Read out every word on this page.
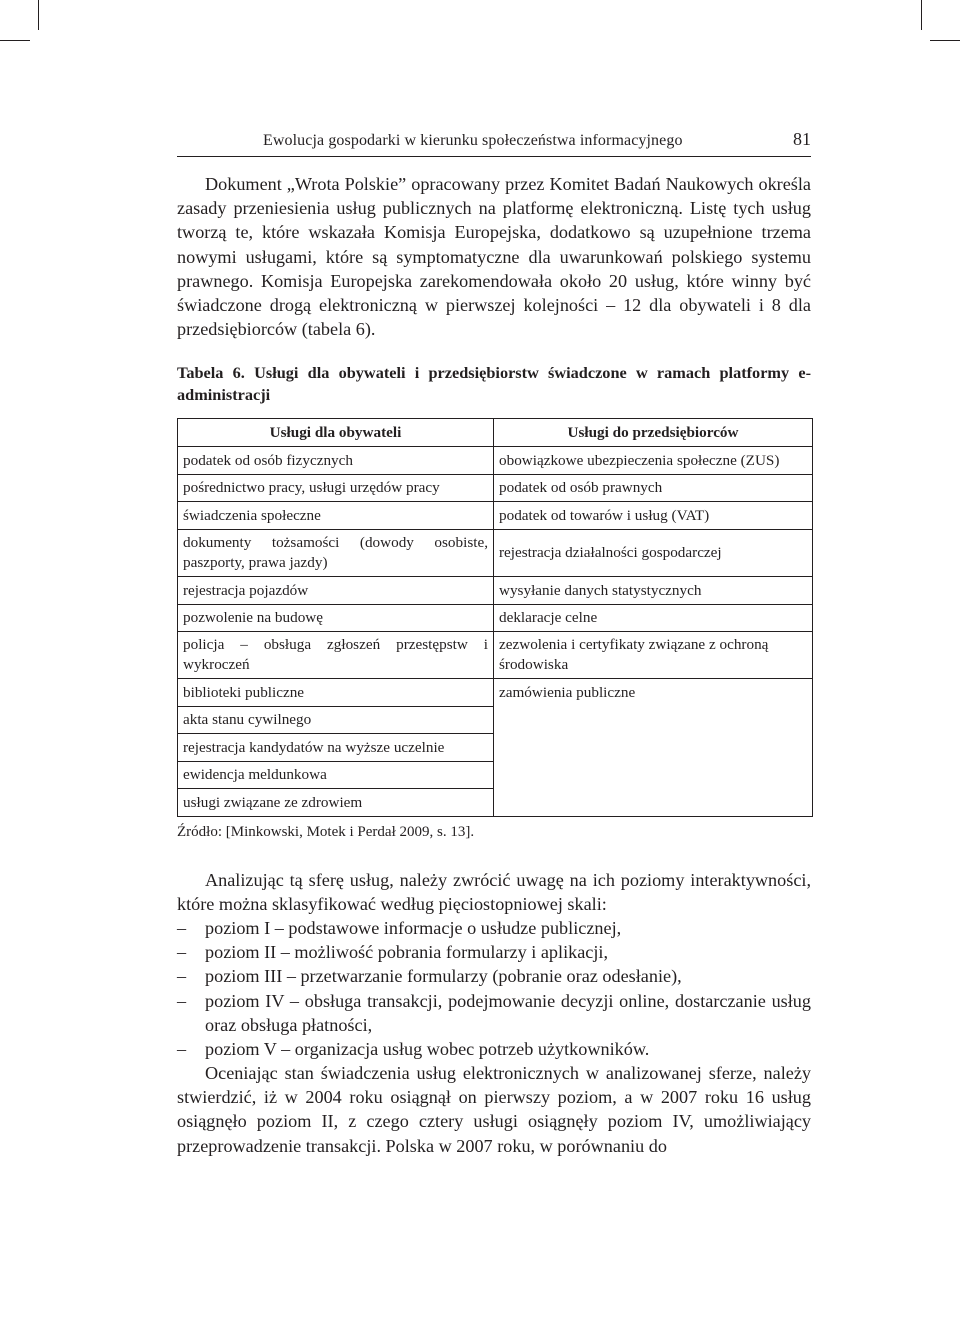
Ewolucja gospodarki w kierunku społeczeństwa informacyjnego	81

Dokument „Wrota Polskie” opracowany przez Komitet Badań Naukowych określa zasady przeniesienia usług publicznych na platformę elektroniczną. Listę tych usług tworzą te, które wskazała Komisja Europejska, dodatkowo są uzupełnione trzema nowymi usługami, które są symptomatyczne dla uwarunkowań polskiego systemu prawnego. Komisja Europejska zarekomendowała około 20 usług, które winny być świadczone drogą elektroniczną w pierwszej kolejności – 12 dla obywateli i 8 dla przedsiębiorców (tabela 6).

Tabela 6. Usługi dla obywateli i przedsiębiorstw świadczone w ramach platformy e-administracji

Usługi dla obywateli	Usługi do przedsiębiorców
podatek od osób fizycznych	obowiązkowe ubezpieczenia społeczne (ZUS)
pośrednictwo pracy, usługi urzędów pracy	podatek od osób prawnych
świadczenia społeczne	podatek od towarów i usług (VAT)
dokumenty tożsamości (dowody osobiste, paszporty, prawa jazdy)	rejestracja działalności gospodarczej
rejestracja pojazdów	wysyłanie danych statystycznych
pozwolenie na budowę	deklaracje celne
policja – obsługa zgłoszeń przestępstw i wykroczeń	zezwolenia i certyfikaty związane z ochroną środowiska
biblioteki publiczne	zamówienia publiczne
akta stanu cywilnego	
rejestracja kandydatów na wyższe uczelnie	
ewidencja meldunkowa	
usługi związane ze zdrowiem	
Źródło: [Minkowski, Motek i Perdał 2009, s. 13].

Analizując tą sferę usług, należy zwrócić uwagę na ich poziomy interaktywności, które można sklasyfikować według pięciostopniowej skali:

– poziom I – podstawowe informacje o usłudze publicznej,
– poziom II – możliwość pobrania formularzy i aplikacji,
– poziom III – przetwarzanie formularzy (pobranie oraz odesłanie),
– poziom IV – obsługa transakcji, podejmowanie decyzji online, dostarczanie usług oraz obsługa płatności,
– poziom V – organizacja usług wobec potrzeb użytkowników.

Oceniając stan świadczenia usług elektronicznych w analizowanej sferze, należy stwierdzić, iż w 2004 roku osiągnął on pierwszy poziom, a w 2007 roku 16 usług osiągnęło poziom II, z czego cztery usługi osiągnęły poziom IV, umożliwiający przeprowadzenie transakcji. Polska w 2007 roku, w porównaniu do
